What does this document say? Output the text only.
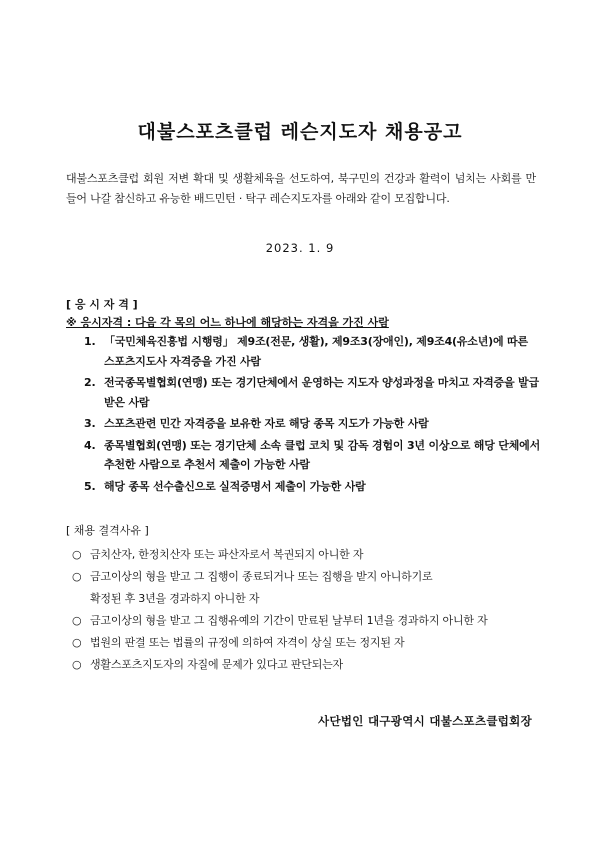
대불스포츠클럽 레슨지도자 채용공고
대불스포츠클럽 회원 저변 확대 및 생활체육을 선도하여, 북구민의 건강과 활력이 넘치는 사회를 만들어 나갈 참신하고 유능한 배드민턴 · 탁구 레슨지도자를 아래와 같이 모집합니다.
2023. 1. 9
[ 응 시 자 격 ]
※ 응시자격 : 다음 각 목의 어느 하나에 해당하는 자격을 가진 사람
1. 「국민체육진흥법 시행령」 제9조(전문, 생활), 제9조3(장애인), 제9조4(유소년)에 따른 스포츠지도사 자격증을 가진 사람
2. 전국종목별협회(연맹) 또는 경기단체에서 운영하는 지도자 양성과정을 마치고 자격증을 발급받은 사람
3. 스포츠관련 민간 자격증을 보유한 자로 해당 종목 지도가 가능한 사람
4. 종목별협회(연맹) 또는 경기단체 소속 클럽 코치 및 감독 경험이 3년 이상으로 해당 단체에서 추천한 사람으로 추천서 제출이 가능한 사람
5. 해당 종목 선수출신으로 실적증명서 제출이 가능한 사람
[ 채용 결격사유 ]
○ 금치산자, 한정치산자 또는 파산자로서 복권되지 아니한 자
○ 금고이상의 형을 받고 그 집행이 종료되거나 또는 집행을 받지 아니하기로
확정된 후 3년을 경과하지 아니한 자
○ 금고이상의 형을 받고 그 집행유예의 기간이 만료된 날부터 1년을 경과하지 아니한 자
○ 법원의 판결 또는 법률의 규정에 의하여 자격이 상실 또는 정지된 자
○ 생활스포츠지도자의 자질에 문제가 있다고 판단되는자
사단법인 대구광역시 대불스포츠클럽회장
